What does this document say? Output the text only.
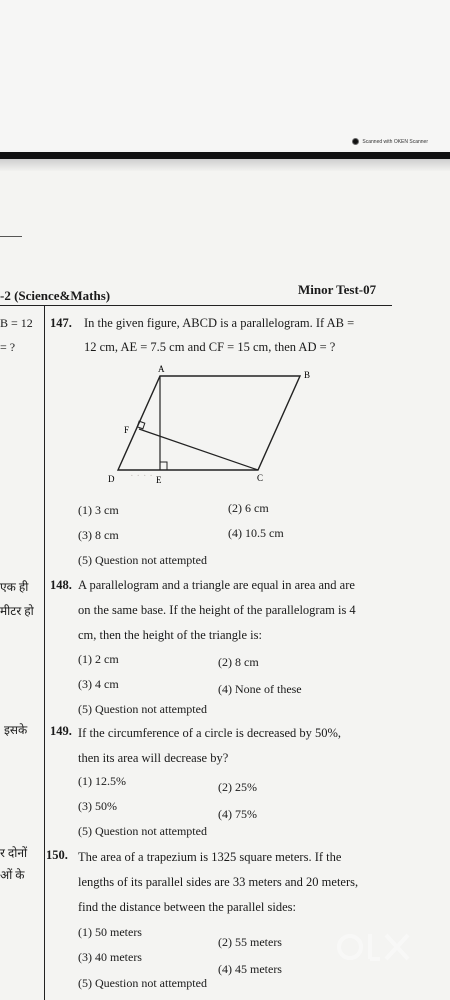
Scanned with OKEN Scanner
-2 (Science&Maths)	Minor Test-07
B = 12
= ?
एक ही
मीटर हो
इसके
र दोनों
ओं के
· · · ·
147. In the given figure, ABCD is a parallelogram. If AB =
12 cm, AE = 7.5 cm and CF = 15 cm, then AD = ?
A
B
C
D	E
F
(1) 3 cm	(2) 6 cm
(3) 8 cm	(4) 10.5 cm
(5) Question not attempted
148. A parallelogram and a triangle are equal in area and are
on the same base. If the height of the parallelogram is 4
cm, then the height of the triangle is:
(1) 2 cm	(2) 8 cm
(3) 4 cm	(4) None of these
(5) Question not attempted
149. If the circumference of a circle is decreased by 50%,
then its area will decrease by?
(1) 12.5%	(2) 25%
(3) 50%
(4) 75%
(5) Question not attempted
150. The area of a trapezium is 1325 square meters. If the
lengths of its parallel sides are 33 meters and 20 meters,
find the distance between the parallel sides:
(1) 50 meters
(2) 55 meters
(3) 40 meters
(4) 45 meters
(5) Question not attempted
